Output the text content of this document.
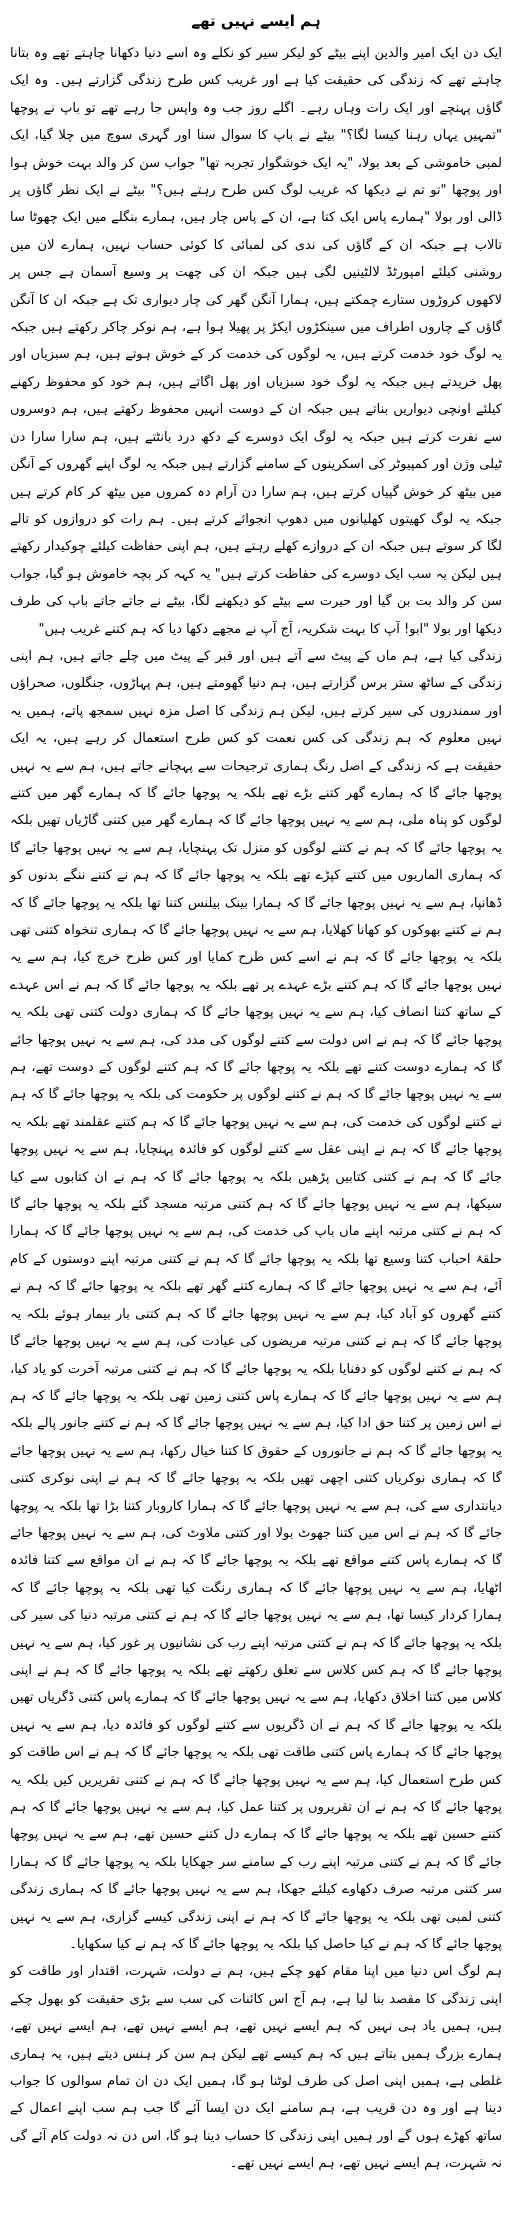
ہم ایسے نہیں تھے
ایک دن ایک امیر والدین اپنے بیٹے کو لیکر سیر کو نکلے وہ اسے دنیا دکھانا چاہتے تھے وہ بتانا چاہتے تھے کہ زندگی کی حقیقت کیا ہے اور غریب کس طرح زندگی گزارتے ہیں۔ وہ ایک گاؤں پہنچے اور ایک رات وہاں رہے۔ اگلے روز جب وہ واپس جا رہے تھے تو باپ نے پوچھا "تمہیں یہاں رہنا کیسا لگا؟" بیٹے نے باپ کا سوال سنا اور گہری سوچ میں چلا گیا، ایک لمبی خاموشی کے بعد بولا، "یہ ایک خوشگوار تجربہ تھا" جواب سن کر والد بہت خوش ہوا اور پوچھا "تو تم نے دیکھا کہ غریب لوگ کس طرح رہتے ہیں؟" بیٹے نے ایک نظر گاؤں پر ڈالی اور بولا "ہمارے پاس ایک کتا ہے، ان کے پاس چار ہیں، ہمارے بنگلے میں ایک چھوٹا سا تالاب ہے جبکہ ان کے گاؤں کی ندی کی لمبائی کا کوئی حساب نہیں، ہمارے لان میں روشنی کیلئے امپورٹڈ لالٹینیں لگی ہیں جبکہ ان کی چھت پر وسیع آسمان ہے جس پر لاکھوں کروڑوں ستارے چمکتے ہیں، ہمارا آنگن گھر کی چار دیواری تک ہے جبکہ ان کا آنگن گاؤں کے چاروں اطراف میں سینکڑوں ایکڑ پر پھیلا ہوا ہے، ہم نوکر چاکر رکھتے ہیں جبکہ یہ لوگ خود خدمت کرتے ہیں، یہ لوگوں کی خدمت کر کے خوش ہوتے ہیں، ہم سبزیاں اور پھل خریدتے ہیں جبکہ یہ لوگ خود سبزیاں اور پھل اگاتے ہیں، ہم خود کو محفوظ رکھنے کیلئے اونچی دیواریں بناتے ہیں جبکہ ان کے دوست انہیں محفوظ رکھتے ہیں، ہم دوسروں سے نفرت کرتے ہیں جبکہ یہ لوگ ایک دوسرے کے دکھ درد بانٹتے ہیں، ہم سارا سارا دن ٹیلی وژن اور کمپیوٹر کی اسکرینوں کے سامنے گزارتے ہیں جبکہ یہ لوگ اپنے گھروں کے آنگن میں بیٹھ کر خوش گپیاں کرتے ہیں، ہم سارا دن آرام دہ کمروں میں بیٹھ کر کام کرتے ہیں جبکہ یہ لوگ کھیتوں کھلیانوں میں دھوپ انجوائے کرتے ہیں۔ ہم رات کو دروازوں کو تالے لگا کر سوتے ہیں جبکہ ان کے دروازے کھلے رہتے ہیں، ہم اپنی حفاظت کیلئے چوکیدار رکھتے ہیں لیکن یہ سب ایک دوسرے کی حفاظت کرتے ہیں" یہ کہہ کر بچہ خاموش ہو گیا، جواب سن کر والد بت بن گیا اور حیرت سے بیٹے کو دیکھنے لگا، بیٹے نے جاتے جاتے باپ کی طرف دیکھا اور بولا "ابو! آپ کا بہت شکریہ، آج آپ نے مجھے دکھا دیا کہ ہم کتنے غریب ہیں"
زندگی کیا ہے، ہم ماں کے پیٹ سے آتے ہیں اور قبر کے پیٹ میں چلے جاتے ہیں، ہم اپنی زندگی کے ساٹھ ستر برس گزارتے ہیں، ہم دنیا گھومتے ہیں، ہم پہاڑوں، جنگلوں، صحراؤں اور سمندروں کی سیر کرتے ہیں، لیکن ہم زندگی کا اصل مزہ نہیں سمجھ پاتے، ہمیں یہ نہیں معلوم کہ ہم زندگی کی کس نعمت کو کس طرح استعمال کر رہے ہیں، یہ ایک حقیقت ہے کہ زندگی کے اصل رنگ ہماری ترجیحات سے پہچانے جاتے ہیں، ہم سے یہ نہیں پوچھا جائے گا کہ ہمارے گھر کتنے بڑے تھے بلکہ یہ پوچھا جائے گا کہ ہمارے گھر میں کتنے لوگوں کو پناہ ملی، ہم سے یہ نہیں پوچھا جائے گا کہ ہمارے گھر میں کتنی گاڑیاں تھیں بلکہ یہ پوچھا جائے گا کہ ہم نے کتنے لوگوں کو منزل تک پہنچایا، ہم سے یہ نہیں پوچھا جائے گا کہ ہماری الماریوں میں کتنے کپڑے تھے بلکہ یہ پوچھا جائے گا کہ ہم نے کتنے ننگے بدنوں کو ڈھانپا، ہم سے یہ نہیں پوچھا جائے گا کہ ہمارا بینک بیلنس کتنا تھا بلکہ یہ پوچھا جائے گا کہ ہم نے کتنے بھوکوں کو کھانا کھلایا، ہم سے یہ نہیں پوچھا جائے گا کہ ہماری تنخواہ کتنی تھی بلکہ یہ پوچھا جائے گا کہ ہم نے اسے کس طرح کمایا اور کس طرح خرچ کیا، ہم سے یہ نہیں پوچھا جائے گا کہ ہم کتنے بڑے عہدے پر تھے بلکہ یہ پوچھا جائے گا کہ ہم نے اس عہدے کے ساتھ کتنا انصاف کیا، ہم سے یہ نہیں پوچھا جائے گا کہ ہماری دولت کتنی تھی بلکہ یہ پوچھا جائے گا کہ ہم نے اس دولت سے کتنے لوگوں کی مدد کی، ہم سے یہ نہیں پوچھا جائے گا کہ ہمارے دوست کتنے تھے بلکہ یہ پوچھا جائے گا کہ ہم کتنے لوگوں کے دوست تھے، ہم سے یہ نہیں پوچھا جائے گا کہ ہم نے کتنے لوگوں پر حکومت کی بلکہ یہ پوچھا جائے گا کہ ہم نے کتنے لوگوں کی خدمت کی، ہم سے یہ نہیں پوچھا جائے گا کہ ہم کتنے عقلمند تھے بلکہ یہ پوچھا جائے گا کہ ہم نے اپنی عقل سے کتنے لوگوں کو فائدہ پہنچایا، ہم سے یہ نہیں پوچھا جائے گا کہ ہم نے کتنی کتابیں پڑھیں بلکہ یہ پوچھا جائے گا کہ ہم نے ان کتابوں سے کیا سیکھا، ہم سے یہ نہیں پوچھا جائے گا کہ ہم کتنی مرتبہ مسجد گئے بلکہ یہ پوچھا جائے گا کہ ہم نے کتنی مرتبہ اپنے ماں باپ کی خدمت کی، ہم سے یہ نہیں پوچھا جائے گا کہ ہمارا حلقۂ احباب کتنا وسیع تھا بلکہ یہ پوچھا جائے گا کہ ہم نے کتنی مرتبہ اپنے دوستوں کے کام آئے، ہم سے یہ نہیں پوچھا جائے گا کہ ہمارے کتنے گھر تھے بلکہ یہ پوچھا جائے گا کہ ہم نے کتنے گھروں کو آباد کیا، ہم سے یہ نہیں پوچھا جائے گا کہ ہم کتنی بار بیمار ہوئے بلکہ یہ پوچھا جائے گا کہ ہم نے کتنی مرتبہ مریضوں کی عیادت کی، ہم سے یہ نہیں پوچھا جائے گا کہ ہم نے کتنے لوگوں کو دفنایا بلکہ یہ پوچھا جائے گا کہ ہم نے کتنی مرتبہ آخرت کو یاد کیا، ہم سے یہ نہیں پوچھا جائے گا کہ ہمارے پاس کتنی زمین تھی بلکہ یہ پوچھا جائے گا کہ ہم نے اس زمین پر کتنا حق ادا کیا، ہم سے یہ نہیں پوچھا جائے گا کہ ہم نے کتنے جانور پالے بلکہ یہ پوچھا جائے گا کہ ہم نے جانوروں کے حقوق کا کتنا خیال رکھا، ہم سے یہ نہیں پوچھا جائے گا کہ ہماری نوکریاں کتنی اچھی تھیں بلکہ یہ پوچھا جائے گا کہ ہم نے اپنی نوکری کتنی دیانتداری سے کی، ہم سے یہ نہیں پوچھا جائے گا کہ ہمارا کاروبار کتنا بڑا تھا بلکہ یہ پوچھا جائے گا کہ ہم نے اس میں کتنا جھوٹ بولا اور کتنی ملاوٹ کی، ہم سے یہ نہیں پوچھا جائے گا کہ ہمارے پاس کتنے مواقع تھے بلکہ یہ پوچھا جائے گا کہ ہم نے ان مواقع سے کتنا فائدہ اٹھایا، ہم سے یہ نہیں پوچھا جائے گا کہ ہماری رنگت کیا تھی بلکہ یہ پوچھا جائے گا کہ ہمارا کردار کیسا تھا، ہم سے یہ نہیں پوچھا جائے گا کہ ہم نے کتنی مرتبہ دنیا کی سیر کی بلکہ یہ پوچھا جائے گا کہ ہم نے کتنی مرتبہ اپنے رب کی نشانیوں پر غور کیا، ہم سے یہ نہیں پوچھا جائے گا کہ ہم کس کلاس سے تعلق رکھتے تھے بلکہ یہ پوچھا جائے گا کہ ہم نے اپنی کلاس میں کتنا اخلاق دکھایا، ہم سے یہ نہیں پوچھا جائے گا کہ ہمارے پاس کتنی ڈگریاں تھیں بلکہ یہ پوچھا جائے گا کہ ہم نے ان ڈگریوں سے کتنے لوگوں کو فائدہ دیا، ہم سے یہ نہیں پوچھا جائے گا کہ ہمارے پاس کتنی طاقت تھی بلکہ یہ پوچھا جائے گا کہ ہم نے اس طاقت کو کس طرح استعمال کیا، ہم سے یہ نہیں پوچھا جائے گا کہ ہم نے کتنی تقریریں کیں بلکہ یہ پوچھا جائے گا کہ ہم نے ان تقریروں پر کتنا عمل کیا، ہم سے یہ نہیں پوچھا جائے گا کہ ہم کتنے حسین تھے بلکہ یہ پوچھا جائے گا کہ ہمارے دل کتنے حسین تھے، ہم سے یہ نہیں پوچھا جائے گا کہ ہم نے کتنی مرتبہ اپنے رب کے سامنے سر جھکایا بلکہ یہ پوچھا جائے گا کہ ہمارا سر کتنی مرتبہ صرف دکھاوے کیلئے جھکا، ہم سے یہ نہیں پوچھا جائے گا کہ ہماری زندگی کتنی لمبی تھی بلکہ یہ پوچھا جائے گا کہ ہم نے اپنی زندگی کیسے گزاری، ہم سے یہ نہیں پوچھا جائے گا کہ ہم نے کیا حاصل کیا بلکہ یہ پوچھا جائے گا کہ ہم نے کیا سکھایا۔
ہم لوگ اس دنیا میں اپنا مقام کھو چکے ہیں، ہم نے دولت، شہرت، اقتدار اور طاقت کو اپنی زندگی کا مقصد بنا لیا ہے، ہم آج اس کائنات کی سب سے بڑی حقیقت کو بھول چکے ہیں، ہمیں یاد ہی نہیں کہ ہم ایسے نہیں تھے، ہم ایسے نہیں تھے، ہم ایسے نہیں تھے، ہمارے بزرگ ہمیں بتاتے ہیں کہ ہم کیسے تھے لیکن ہم سن کر ہنس دیتے ہیں، یہ ہماری غلطی ہے، ہمیں اپنی اصل کی طرف لوٹنا ہو گا، ہمیں ایک دن ان تمام سوالوں کا جواب دینا ہے اور وہ دن قریب ہے، ہم سامنے ایک دن ایسا آئے گا جب ہم سب اپنے اعمال کے ساتھ کھڑے ہوں گے اور ہمیں اپنی زندگی کا حساب دینا ہو گا، اس دن نہ دولت کام آئے گی نہ شہرت، ہم ایسے نہیں تھے، ہم ایسے نہیں تھے۔
